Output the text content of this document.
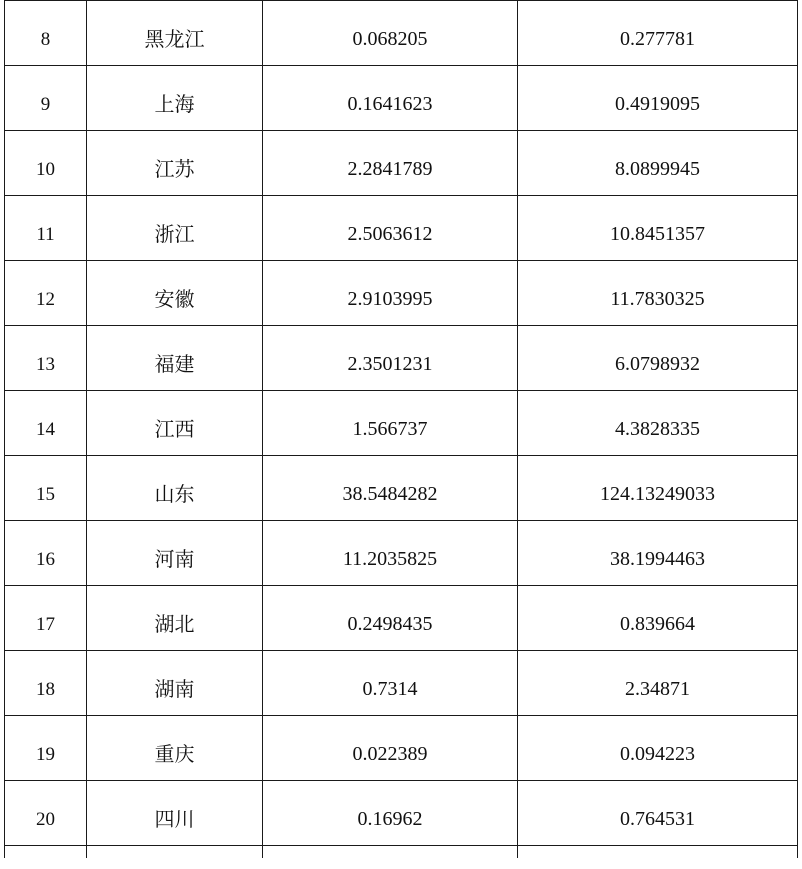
8	黑龙江	0.068205	0.277781
9	上海	0.1641623	0.4919095
10	江苏	2.2841789	8.0899945
11	浙江	2.5063612	10.8451357
12	安徽	2.9103995	11.7830325
13	福建	2.3501231	6.0798932
14	江西	1.566737	4.3828335
15	山东	38.5484282	124.13249033
16	河南	11.2035825	38.1994463
17	湖北	0.2498435	0.839664
18	湖南	0.7314	2.34871
19	重庆	0.022389	0.094223
20	四川	0.16962	0.764531
